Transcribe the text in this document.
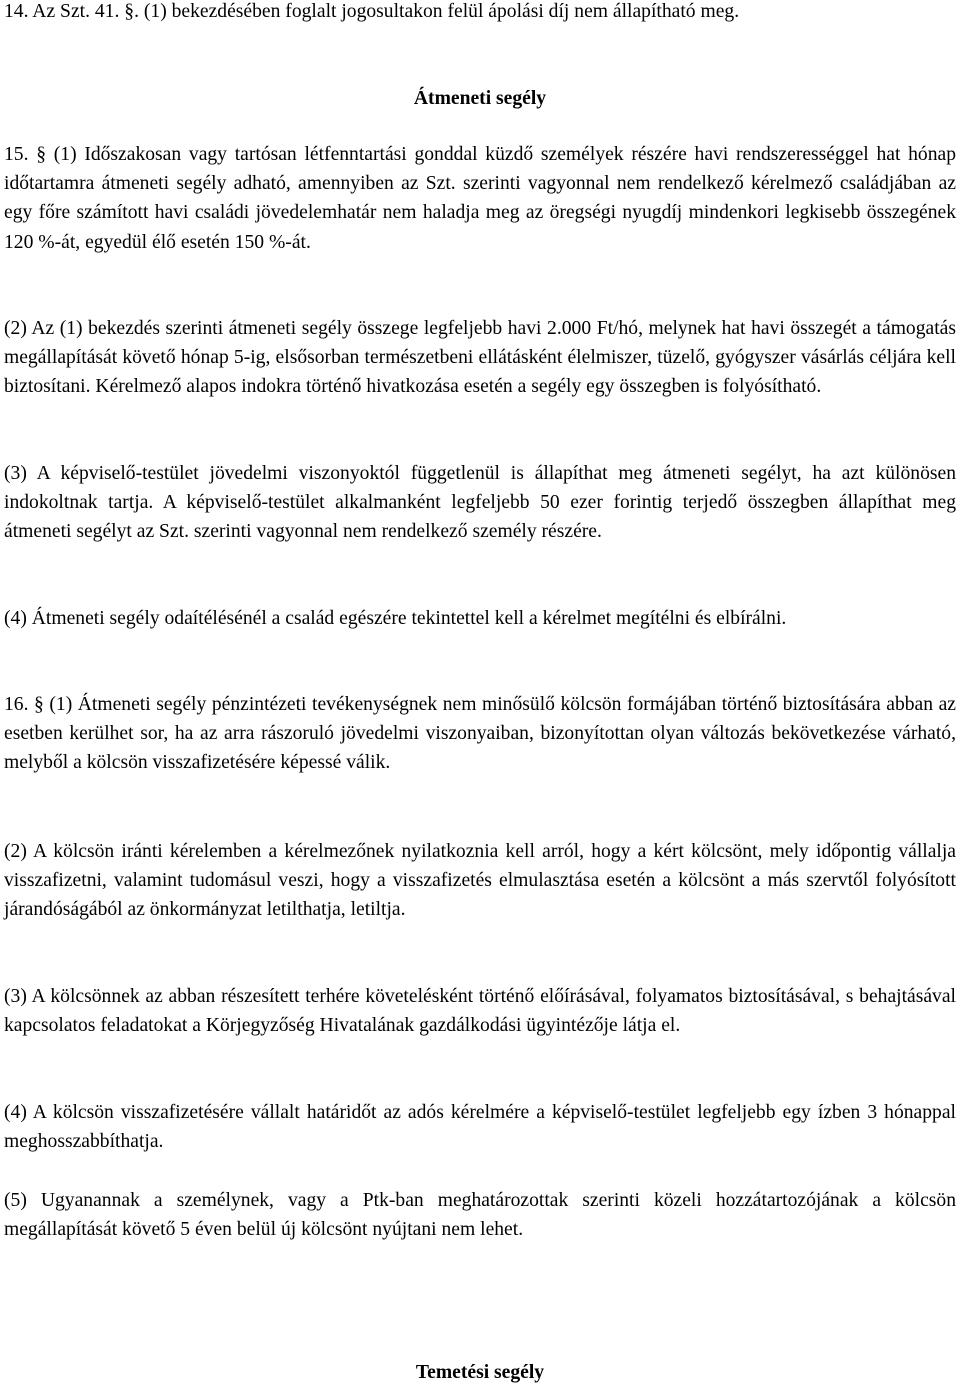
14. Az Szt. 41. §. (1) bekezdésében foglalt jogosultakon felül ápolási díj nem állapítható meg.

Átmeneti segély

15. § (1) Időszakosan vagy tartósan létfenntartási gonddal küzdő személyek részére havi rendszerességgel hat hónap időtartamra átmeneti segély adható, amennyiben az Szt. szerinti vagyonnal nem rendelkező kérelmező családjában az egy főre számított havi családi jövedelemhatár nem haladja meg az öregségi nyugdíj mindenkori legkisebb összegének 120 %-át, egyedül élő esetén 150 %-át.

(2) Az (1) bekezdés szerinti átmeneti segély összege legfeljebb havi 2.000 Ft/hó, melynek hat havi összegét a támogatás megállapítását követő hónap 5-ig, elsősorban természetbeni ellátásként élelmiszer, tüzelő, gyógyszer vásárlás céljára kell biztosítani. Kérelmező alapos indokra történő hivatkozása esetén a segély egy összegben is folyósítható.

(3) A képviselő-testület jövedelmi viszonyoktól függetlenül is állapíthat meg átmeneti segélyt, ha azt különösen indokoltnak tartja. A képviselő-testület alkalmanként legfeljebb 50 ezer forintig terjedő összegben állapíthat meg átmeneti segélyt az Szt. szerinti vagyonnal nem rendelkező személy részére.

(4) Átmeneti segély odaítélésénél a család egészére tekintettel kell a kérelmet megítélni és elbírálni.

16. § (1) Átmeneti segély pénzintézeti tevékenységnek nem minősülő kölcsön formájában történő biztosítására abban az esetben kerülhet sor, ha az arra rászoruló jövedelmi viszonyaiban, bizonyítottan olyan változás bekövetkezése várható, melyből a kölcsön visszafizetésére képessé válik.

(2) A kölcsön iránti kérelemben a kérelmezőnek nyilatkoznia kell arról, hogy a kért kölcsönt, mely időpontig vállalja visszafizetni, valamint tudomásul veszi, hogy a visszafizetés elmulasztása esetén a kölcsönt a más szervtől folyósított járandóságából az önkormányzat letilthatja, letiltja.

(3) A kölcsönnek az abban részesített terhére követelésként történő előírásával, folyamatos biztosításával, s behajtásával kapcsolatos feladatokat a Körjegyzőség Hivatalának gazdálkodási ügyintézője látja el.

(4) A kölcsön visszafizetésére vállalt határidőt az adós kérelmére a képviselő-testület legfeljebb egy ízben 3 hónappal meghosszabbíthatja.

(5) Ugyanannak a személynek, vagy a Ptk-ban meghatározottak szerinti közeli hozzátartozójának a kölcsön megállapítását követő 5 éven belül új kölcsönt nyújtani nem lehet.

Temetési segély
